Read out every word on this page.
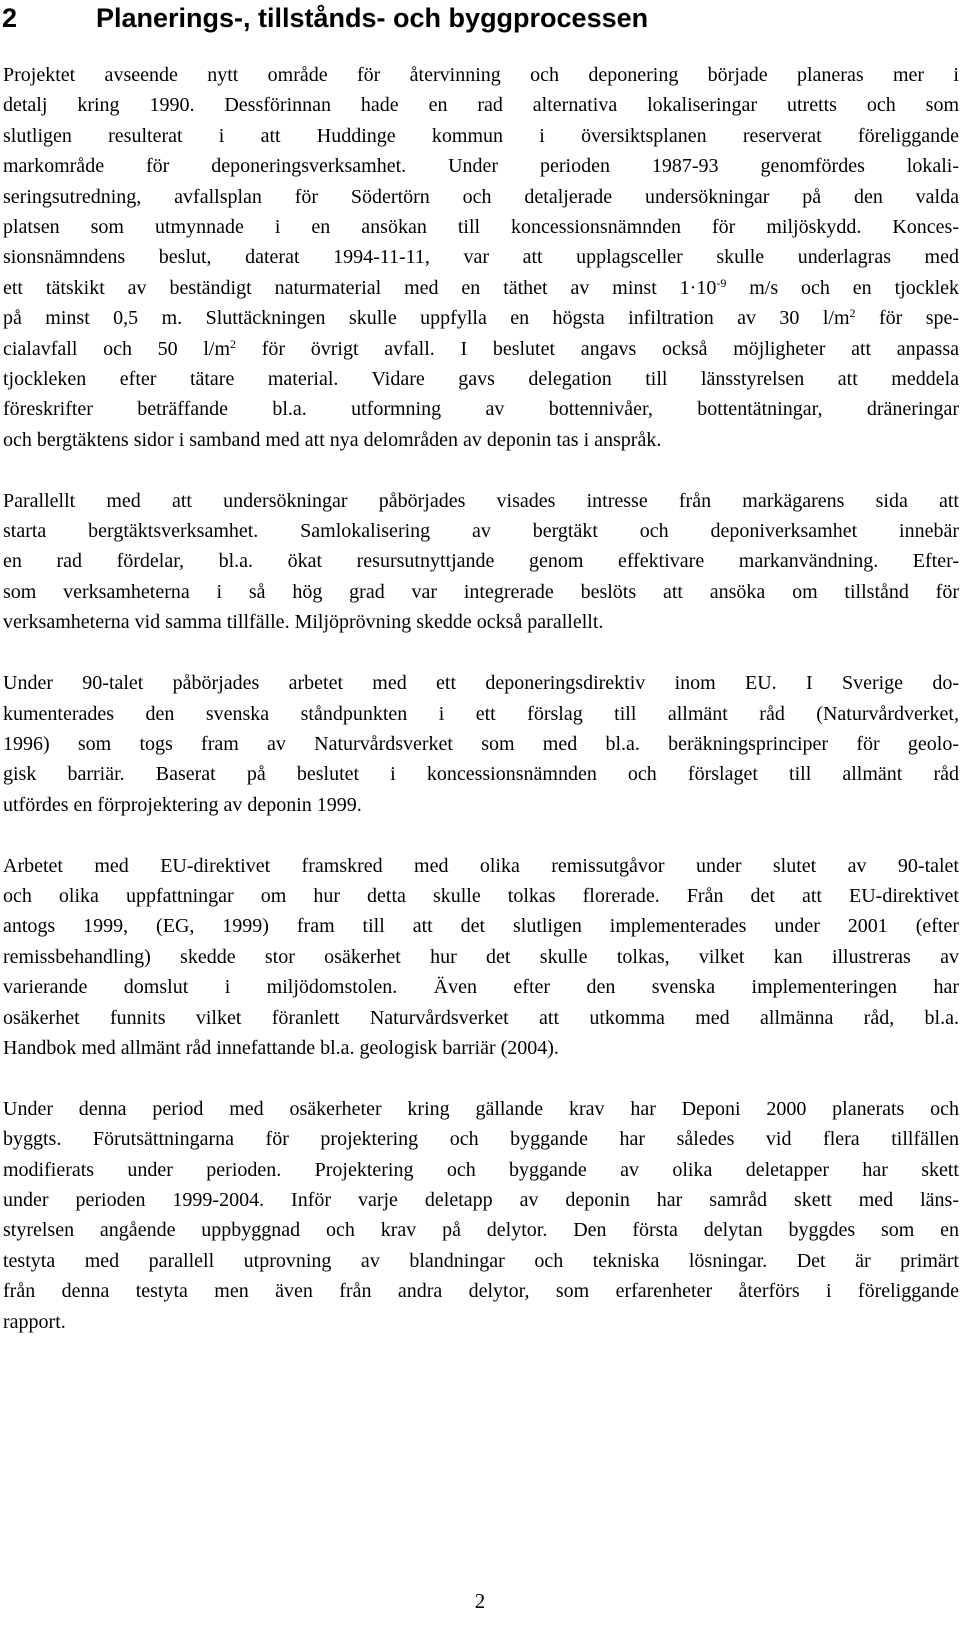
2	Planerings-, tillstånds- och byggprocessen

Projektet avseende nytt område för återvinning och deponering började planeras mer i
detalj kring 1990. Dessförinnan hade en rad alternativa lokaliseringar utretts och som
slutligen resulterat i att Huddinge kommun i översiktsplanen reserverat föreliggande
markområde för deponeringsverksamhet. Under perioden 1987-93 genomfördes lokali-
seringsutredning, avfallsplan för Södertörn och detaljerade undersökningar på den valda
platsen som utmynnade i en ansökan till koncessionsnämnden för miljöskydd. Konces-
sionsnämndens beslut, daterat 1994-11-11, var att upplagsceller skulle underlagras med
ett tätskikt av beständigt naturmaterial med en täthet av minst $1\cdot 10^{-9}$ m/s och en tjocklek
på minst 0,5 m. Sluttäckningen skulle uppfylla en högsta infiltration av 30 $l/m^2$ för spe-
cialavfall och 50 $l/m^2$ för övrigt avfall. I beslutet angavs också möjligheter att anpassa
tjockleken efter tätare material. Vidare gavs delegation till länsstyrelsen att meddela
föreskrifter beträffande bl.a. utformning av bottennivåer, bottentätningar, dräneringar
och bergtäktens sidor i samband med att nya delområden av deponin tas i anspråk.

Parallellt med att undersökningar påbörjades visades intresse från markägarens sida att
starta bergtäktsverksamhet. Samlokalisering av bergtäkt och deponiverksamhet innebär
en rad fördelar, bl.a. ökat resursutnyttjande genom effektivare markanvändning. Efter-
som verksamheterna i så hög grad var integrerade beslöts att ansöka om tillstånd för
verksamheterna vid samma tillfälle. Miljöprövning skedde också parallellt.

Under 90-talet påbörjades arbetet med ett deponeringsdirektiv inom EU. I Sverige do-
kumenterades den svenska ståndpunkten i ett förslag till allmänt råd (Naturvårdverket,
1996) som togs fram av Naturvårdsverket som med bl.a. beräkningsprinciper för geolo-
gisk barriär. Baserat på beslutet i koncessionsnämnden och förslaget till allmänt råd
utfördes en förprojektering av deponin 1999.

Arbetet med EU-direktivet framskred med olika remissutgåvor under slutet av 90-talet
och olika uppfattningar om hur detta skulle tolkas florerade. Från det att EU-direktivet
antogs 1999, (EG, 1999) fram till att det slutligen implementerades under 2001 (efter
remissbehandling) skedde stor osäkerhet hur det skulle tolkas, vilket kan illustreras av
varierande domslut i miljödomstolen. Även efter den svenska implementeringen har
osäkerhet funnits vilket föranlett Naturvårdsverket att utkomma med allmänna råd, bl.a.
Handbok med allmänt råd innefattande bl.a. geologisk barriär (2004).

Under denna period med osäkerheter kring gällande krav har Deponi 2000 planerats och
byggts. Förutsättningarna för projektering och byggande har således vid flera tillfällen
modifierats under perioden. Projektering och byggande av olika deletapper har skett
under perioden 1999-2004. Inför varje deletapp av deponin har samråd skett med läns-
styrelsen angående uppbyggnad och krav på delytor. Den första delytan byggdes som en
testyta med parallell utprovning av blandningar och tekniska lösningar. Det är primärt
från denna testyta men även från andra delytor, som erfarenheter återförs i föreliggande
rapport.

2
